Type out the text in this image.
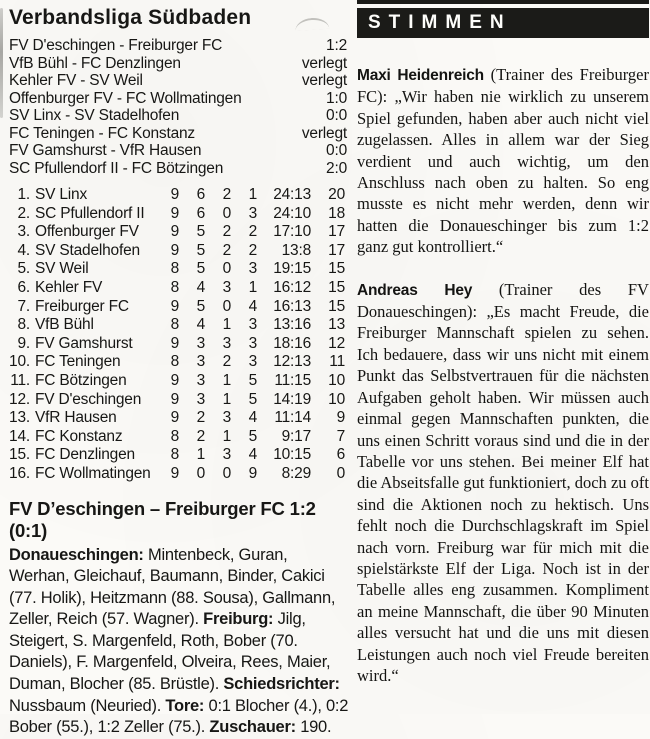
Verbandsliga Südbaden
FV D'eschingen - Freiburger FC	1:2
VfB Bühl - FC Denzlingen	verlegt
Kehler FV - SV Weil	verlegt
Offenburger FV - FC Wollmatingen	1:0
SV Linx - SV Stadelhofen	0:0
FC Teningen - FC Konstanz	verlegt
FV Gamshurst - VfR Hausen	0:0
SC Pfullendorf II - FC Bötzingen	2:0
1. SV Linx	9	6	2	1	24:13	20
2. SC Pfullendorf II	9	6	0	3	24:10	18
3. Offenburger FV	9	5	2	2	17:10	17
4. SV Stadelhofen	9	5	2	2	13:8	17
5. SV Weil	8	5	0	3	19:15	15
6. Kehler FV	8	4	3	1	16:12	15
7. Freiburger FC	9	5	0	4	16:13	15
8. VfB Bühl	8	4	1	3	13:16	13
9. FV Gamshurst	9	3	3	3	18:16	12
10. FC Teningen	8	3	2	3	12:13	11
11. FC Bötzingen	9	3	1	5	11:15	10
12. FV D'eschingen	9	3	1	5	14:19	10
13. VfR Hausen	9	2	3	4	11:14	9
14. FC Konstanz	8	2	1	5	9:17	7
15. FC Denzlingen	8	1	3	4	10:15	6
16. FC Wollmatingen	9	0	0	9	8:29	0
FV D’eschingen – Freiburger FC 1:2 (0:1)

Donaueschingen: Mintenbeck, Guran, Werhan, Gleichauf, Baumann, Binder, Cakici (77. Holik), Heitzmann (88. Sousa), Gallmann, Zeller, Reich (57. Wagner). Freiburg: Jilg, Steigert, S. Margenfeld, Roth, Bober (70. Daniels), F. Margenfeld, Olveira, Rees, Maier, Duman, Blocher (85. Brüstle). Schiedsrichter: Nussbaum (Neuried). Tore: 0:1 Blocher (4.), 0:2 Bober (55.), 1:2 Zeller (75.). Zuschauer: 190.

STIMMEN

Maxi Heidenreich (Trainer des Freiburger FC): „Wir haben nie wirklich zu unserem Spiel gefunden, haben aber auch nicht viel zugelassen. Alles in allem war der Sieg verdient und auch wichtig, um den Anschluss nach oben zu halten. So eng musste es nicht mehr werden, denn wir hatten die Donaueschinger bis zum 1:2 ganz gut kontrolliert.“

Andreas Hey (Trainer des FV Donaueschingen): „Es macht Freude, die Freiburger Mannschaft spielen zu sehen. Ich bedauere, dass wir uns nicht mit einem Punkt das Selbstvertrauen für die nächsten Aufgaben geholt haben. Wir müssen auch einmal gegen Mannschaften punkten, die uns einen Schritt voraus sind und die in der Tabelle vor uns stehen. Bei meiner Elf hat die Abseitsfalle gut funktioniert, doch zu oft sind die Aktionen noch zu hektisch. Uns fehlt noch die Durchschlagskraft im Spiel nach vorn. Freiburg war für mich mit die spielstärkste Elf der Liga. Noch ist in der Tabelle alles eng zusammen. Kompliment an meine Mannschaft, die über 90 Minuten alles versucht hat und die uns mit diesen Leistungen auch noch viel Freude bereiten wird.“
